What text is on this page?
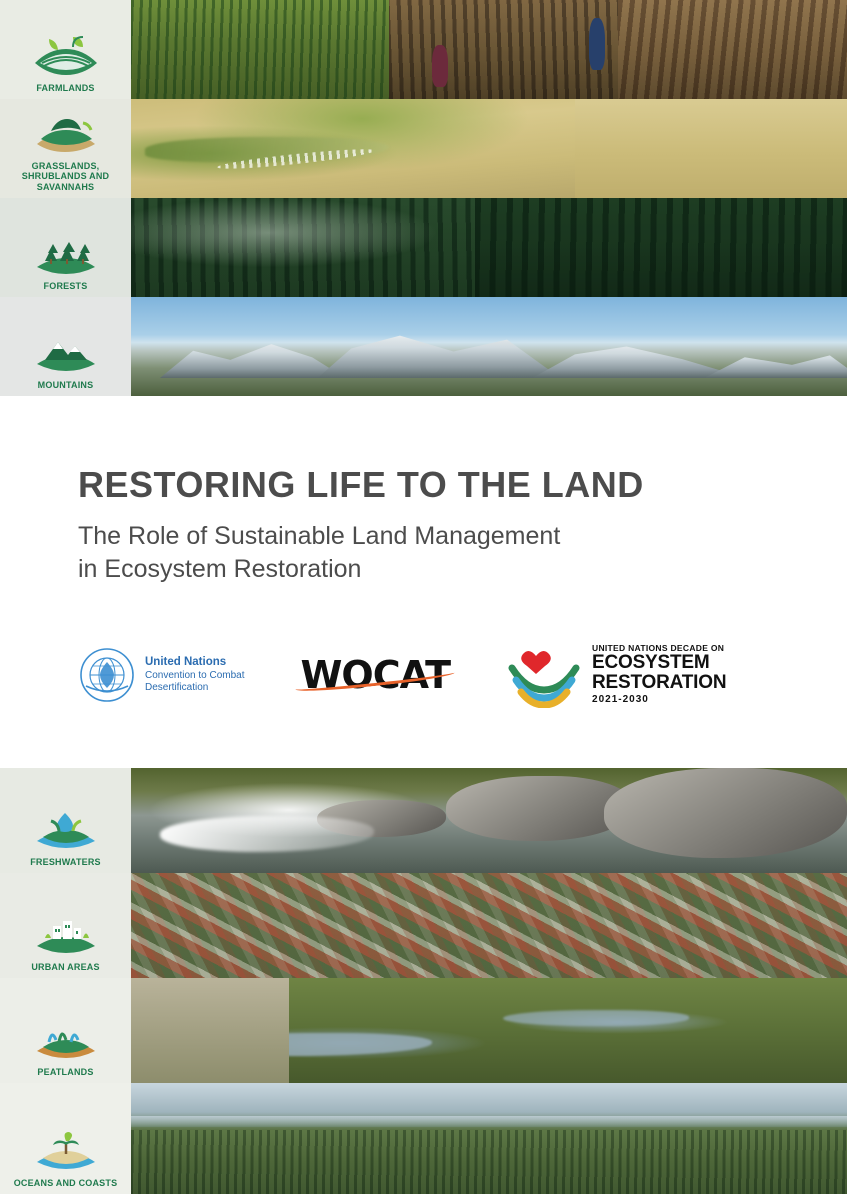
FARMLANDS
GRASSLANDS, SHRUBLANDS AND SAVANNAHS
FORESTS
MOUNTAINS
RESTORING LIFE TO THE LAND
The Role of Sustainable Land Management
in Ecosystem Restoration
United Nations
Convention to Combat
Desertification	WOCAT
UNITED NATIONS DECADE ON
ECOSYSTEM
RESTORATION
2021-2030
FRESHWATERS
URBAN AREAS
PEATLANDS
OCEANS AND COASTS
